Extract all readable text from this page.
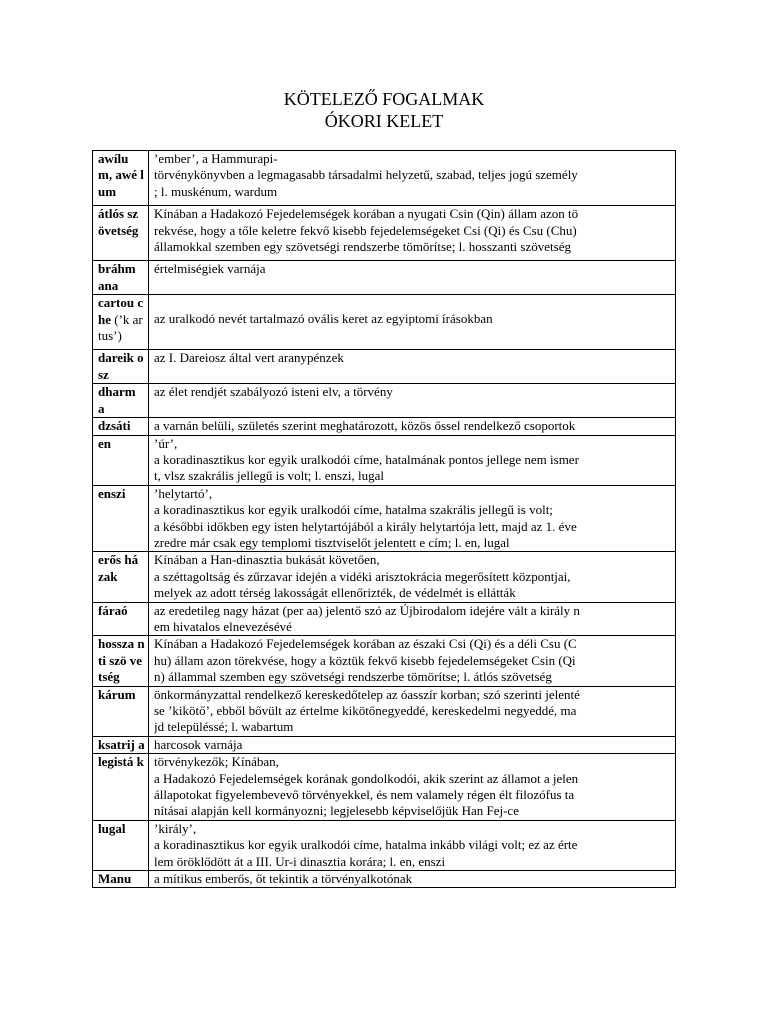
KÖTELEZŐ FOGALMAK
ÓKORI KELET
awílu m, awé lum	’ember’, a Hammurapi-
törvénykönyvben a legmagasabb társadalmi helyzetű, szabad, teljes jogú személy
; l. muskénum, wardum

átlós sz övetség	Kínában a Hadakozó Fejedelemségek korában a nyugati Csin (Qin) állam azon tö
rekvése, hogy a tőle keletre fekvő kisebb fejedelemségeket Csi (Qi) és Csu (Chu)
államokkal szemben egy szövetségi rendszerbe tömörítse; l. hosszanti szövetség

bráhm ana	értelmiségiek varnája

cartou che (’k artus’)	az uralkodó nevét tartalmazó ovális keret az egyiptomi írásokban

dareik osz	az I. Dareiosz által vert aranypénzek

dharm a	az élet rendjét szabályozó isteni elv, a törvény

dzsáti	a varnán belüli, születés szerint meghatározott, közös őssel rendelkező csoportok

en	’úr’,
a koradinasztikus kor egyik uralkodói címe, hatalmának pontos jellege nem ismer
t, vlsz szakrális jellegű is volt; l. enszi, lugal

enszi	’helytartó’,
a koradinasztikus kor egyik uralkodói címe, hatalma szakrális jellegű is volt;
a későbbi időkben egy isten helytartójából a király helytartója lett, majd az 1. éve
zredre már csak egy templomi tisztviselőt jelentett e cím; l. en, lugal

erős há zak	Kínában a Han-dinasztia bukását követően,
a széttagoltság és zűrzavar idején a vidéki arisztokrácia megerősített központjai,
melyek az adott térség lakosságát ellenőrizték, de védelmét is ellátták

fáraó	az eredetileg nagy házat (per aa) jelentő szó az Újbirodalom idejére vált a király n
em hivatalos elnevezésévé

hossza nti szö vetség	Kínában a Hadakozó Fejedelemségek korában az északi Csi (Qi) és a déli Csu (C
hu) állam azon törekvése, hogy a köztük fekvő kisebb fejedelemségeket Csin (Qi
n) állammal szemben egy szövetségi rendszerbe tömörítse; l. átlós szövetség

kárum	önkormányzattal rendelkező kereskedőtelep az óasszír korban; szó szerinti jelenté
se ’kikötő’, ebből bővült az értelme kikötőnegyeddé, kereskedelmi negyeddé, ma
jd településsé; l. wabartum

ksatrij a	harcosok varnája

legistá k	törvénykezők; Kínában,
a Hadakozó Fejedelemségek korának gondolkodói, akik szerint az államot a jelen
állapotokat figyelembevevő törvényekkel, és nem valamely régen élt filozófus ta
nításai alapján kell kormányozni; legjelesebb képviselőjük Han Fej-ce

lugal	’király’,
a koradinasztikus kor egyik uralkodói címe, hatalma inkább világi volt; ez az érte
lem öröklődött át a III. Ur-i dinasztia korára; l. en, enszi

Manu	a mítikus emberős, őt tekintik a törvényalkotónak
